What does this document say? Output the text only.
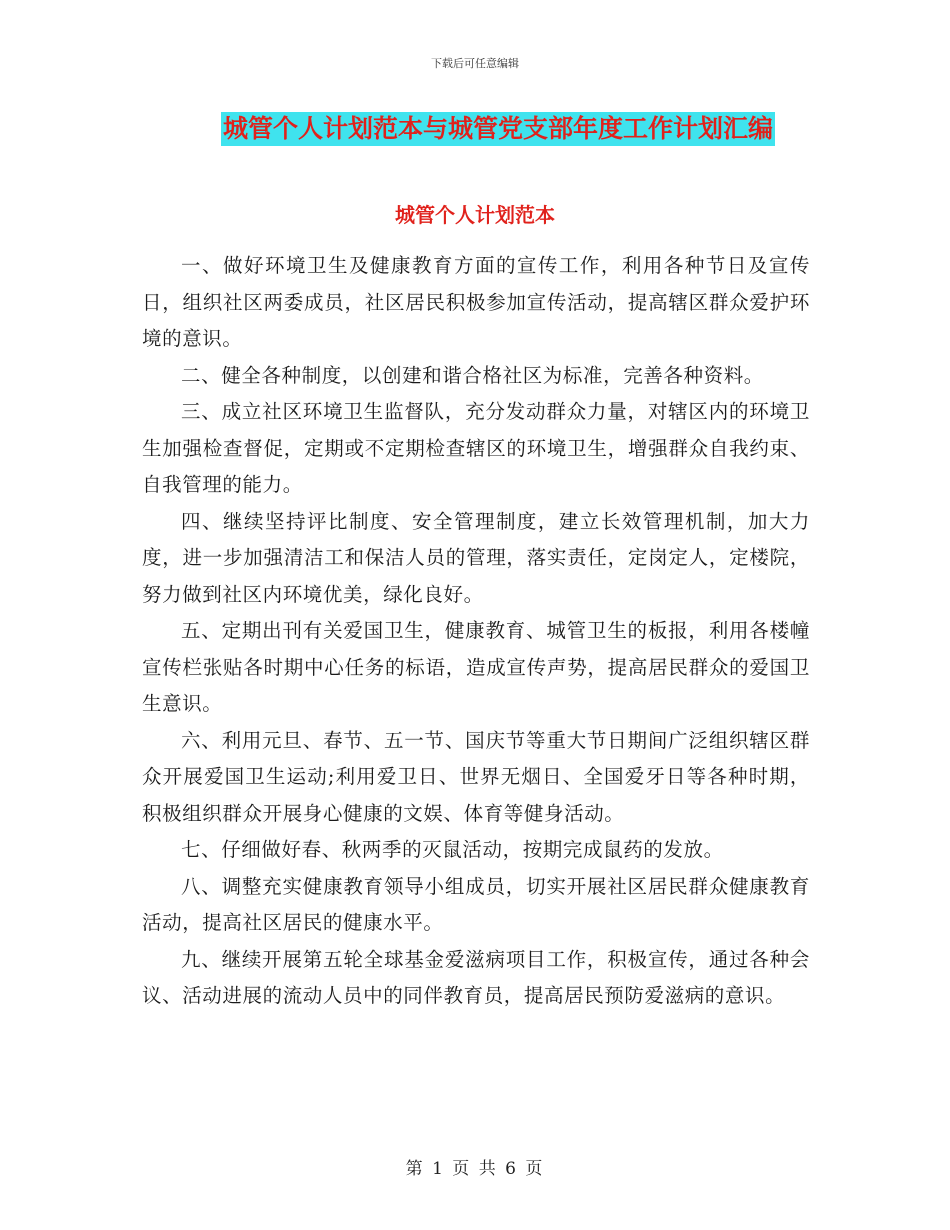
下载后可任意编辑
城管个人计划范本与城管党支部年度工作计划汇编
城管个人计划范本

一、做好环境卫生及健康教育方面的宣传工作，利用各种节日及宣传日，组织社区两委成员，社区居民积极参加宣传活动，提高辖区群众爱护环境的意识。

二、健全各种制度，以创建和谐合格社区为标准，完善各种资料。

三、成立社区环境卫生监督队，充分发动群众力量，对辖区内的环境卫生加强检查督促，定期或不定期检查辖区的环境卫生，增强群众自我约束、自我管理的能力。

四、继续坚持评比制度、安全管理制度，建立长效管理机制，加大力度，进一步加强清洁工和保洁人员的管理，落实责任，定岗定人，定楼院，努力做到社区内环境优美，绿化良好。

五、定期出刊有关爱国卫生，健康教育、城管卫生的板报，利用各楼幢宣传栏张贴各时期中心任务的标语，造成宣传声势，提高居民群众的爱国卫生意识。

六、利用元旦、春节、五一节、国庆节等重大节日期间广泛组织辖区群众开展爱国卫生运动;利用爱卫日、世界无烟日、全国爱牙日等各种时期，积极组织群众开展身心健康的文娱、体育等健身活动。

七、仔细做好春、秋两季的灭鼠活动，按期完成鼠药的发放。

八、调整充实健康教育领导小组成员，切实开展社区居民群众健康教育活动，提高社区居民的健康水平。

九、继续开展第五轮全球基金爱滋病项目工作，积极宣传，通过各种会议、活动进展的流动人员中的同伴教育员，提高居民预防爱滋病的意识。

第 1 页 共 6 页
